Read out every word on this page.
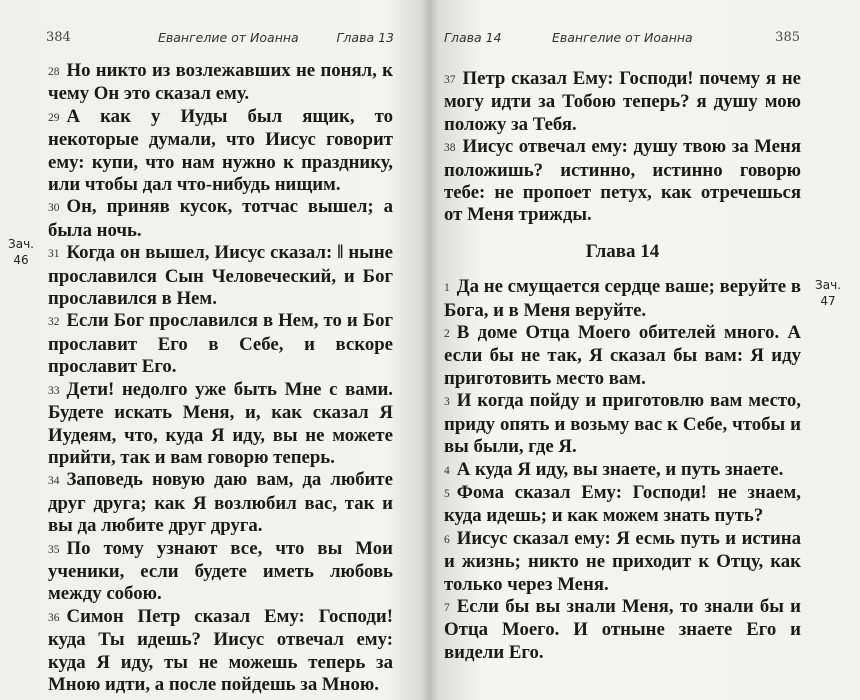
384	Евангелие от Иоанна	Глава 13
Зач.
46

28 Но никто из возлежавших не понял, к чему Он это сказал ему.

29 А как у Иуды был ящик, то некоторые думали, что Иисус говорит ему: купи, что нам нужно к празднику, или чтобы дал что-нибудь нищим.

30 Он, приняв кусок, тотчас вышел; а была ночь.

31 Когда он вышел, Иисус сказал: ‖ ныне прославился Сын Человеческий, и Бог прославился в Нем.

32 Если Бог прославился в Нем, то и Бог прославит Его в Себе, и вскоре прославит Его.

33 Дети! недолго уже быть Мне с вами. Будете искать Меня, и, как сказал Я Иудеям, что, куда Я иду, вы не можете прийти, так и вам говорю теперь.

34 Заповедь новую даю вам, да любите друг друга; как Я возлюбил вас, так и вы да любите друг друга.

35 По тому узнают все, что вы Мои ученики, если будете иметь любовь между собою.

36 Симон Петр сказал Ему: Господи! куда Ты идешь? Иисус отвечал ему: куда Я иду, ты не можешь теперь за Мною идти, а после пойдешь за Мною.

Глава 14	Евангелие от Иоанна	385
Зач.
47

37 Петр сказал Ему: Господи! почему я не могу идти за Тобою теперь? я душу мою положу за Тебя.

38 Иисус отвечал ему: душу твою за Меня положишь? истинно, истинно говорю тебе: не пропоет петух, как отречешься от Меня трижды.

Глава 14

1 Да не смущается сердце ваше; веруйте в Бога, и в Меня веруйте.

2 В доме Отца Моего обителей много. А если бы не так, Я сказал бы вам: Я иду приготовить место вам.

3 И когда пойду и приготовлю вам место, приду опять и возьму вас к Себе, чтобы и вы были, где Я.

4 А куда Я иду, вы знаете, и путь знаете.

5 Фома сказал Ему: Господи! не знаем, куда идешь; и как можем знать путь?

6 Иисус сказал ему: Я есмь путь и истина и жизнь; никто не приходит к Отцу, как только через Меня.

7 Если бы вы знали Меня, то знали бы и Отца Моего. И отныне знаете Его и видели Его.
